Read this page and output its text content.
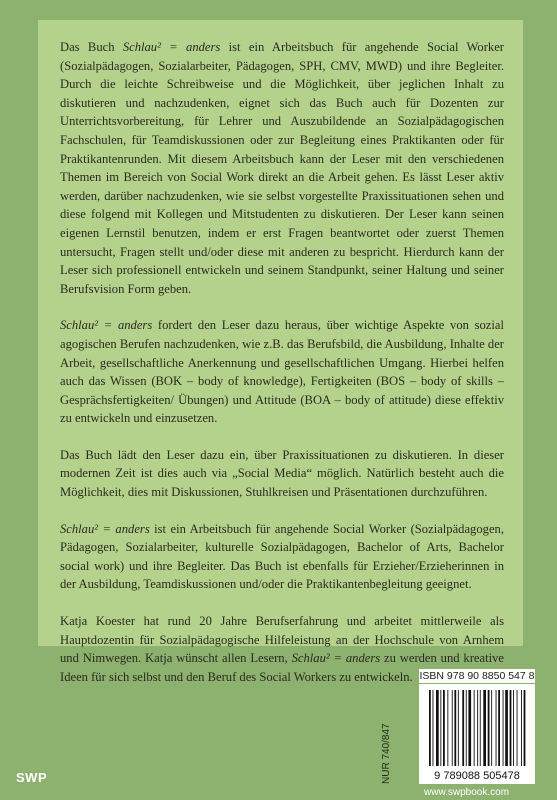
Das Buch Schlau² = anders ist ein Arbeitsbuch für angehende Social Worker (Sozialpädagogen, Sozialarbeiter, Pädagogen, SPH, CMV, MWD) und ihre Begleiter. Durch die leichte Schreibweise und die Möglichkeit, über jeglichen Inhalt zu diskutieren und nachzudenken, eignet sich das Buch auch für Dozenten zur Unterrichtsvorbereitung, für Lehrer und Auszubildende an Sozialpädagogischen Fachschulen, für Teamdiskussionen oder zur Begleitung eines Praktikanten oder für Praktikantenrunden. Mit diesem Arbeitsbuch kann der Leser mit den verschiedenen Themen im Bereich von Social Work direkt an die Arbeit gehen. Es lässt Leser aktiv werden, darüber nachzudenken, wie sie selbst vorgestellte Praxissituationen sehen und diese folgend mit Kollegen und Mitstudenten zu diskutieren. Der Leser kann seinen eigenen Lernstil benutzen, indem er erst Fragen beantwortet oder zuerst Themen untersucht, Fragen stellt und/oder diese mit anderen zu bespricht. Hierdurch kann der Leser sich professionell entwickeln und seinem Standpunkt, seiner Haltung und seiner Berufsvision Form geben.

Schlau² = anders fordert den Leser dazu heraus, über wichtige Aspekte von sozial agogischen Berufen nachzudenken, wie z.B. das Berufsbild, die Ausbildung, Inhalte der Arbeit, gesellschaftliche Anerkennung und gesellschaftlichen Umgang. Hierbei helfen auch das Wissen (BOK – body of knowledge), Fertigkeiten (BOS – body of skills – Gesprächsfertigkeiten/ Übungen) und Attitude (BOA – body of attitude) diese effektiv zu entwickeln und einzusetzen.

Das Buch lädt den Leser dazu ein, über Praxissituationen zu diskutieren. In dieser modernen Zeit ist dies auch via „Social Media“ möglich. Natürlich besteht auch die Möglichkeit, dies mit Diskussionen, Stuhlkreisen und Präsentationen durchzuführen.

Schlau² = anders ist ein Arbeitsbuch für angehende Social Worker (Sozialpädagogen, Pädagogen, Sozialarbeiter, kulturelle Sozialpädagogen, Bachelor of Arts, Bachelor social work) und ihre Begleiter. Das Buch ist ebenfalls für Erzieher/Erzieherinnen in der Ausbildung, Teamdiskussionen und/oder die Praktikantenbegleitung geeignet.

Katja Koester hat rund 20 Jahre Berufserfahrung und arbeitet mittlerweile als Hauptdozentin für Sozialpädagogische Hilfeleistung an der Hochschule von Arnhem und Nimwegen. Katja wünscht allen Lesern, Schlau² = anders zu werden und kreative Ideen für sich selbst und den Beruf des Social Workers zu entwickeln. ISBN 978 90 8850 547 8
9 789088 505478
NUR 740/847
www.swpbook.com
SWP
